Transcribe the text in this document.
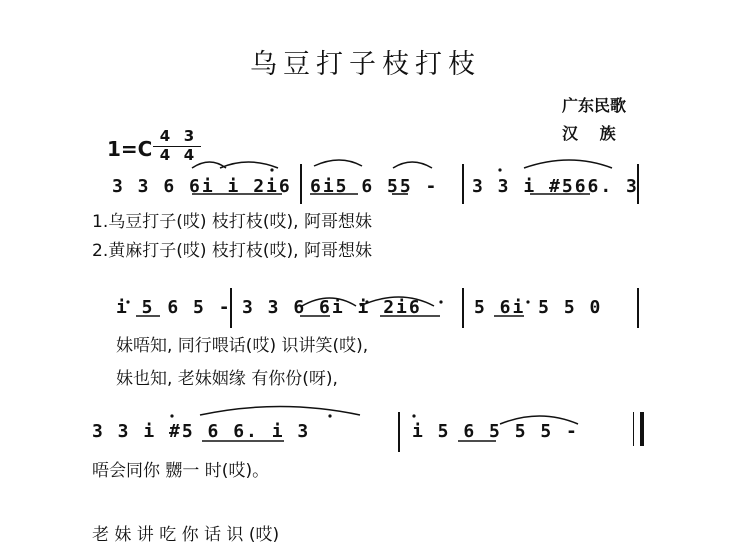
乌豆打子枝打枝
广东民歌
汉 族
1=C
4
4
3
4
3 3 6 6i i 2i6 6i5 6 55 - 3 3 i #566. 3
1.乌豆打子(哎) 枝打枝(哎), 阿哥想妹
2.黄麻打子(哎) 枝打枝(哎), 阿哥想妹
i 5 6 5 - 3 3 6 6i i 2i6	5 6i 5 5 0
妹唔知, 同行喂话(哎) 识讲笑(哎),
妹也知, 老妹姻缘 有你份(呀),
3 3 i #5 6 6. i 3	i 5 6 5 5 5 -
唔会同你 嬲一 时(哎)。
老 妹 讲 吃 你 话 识 (哎)
